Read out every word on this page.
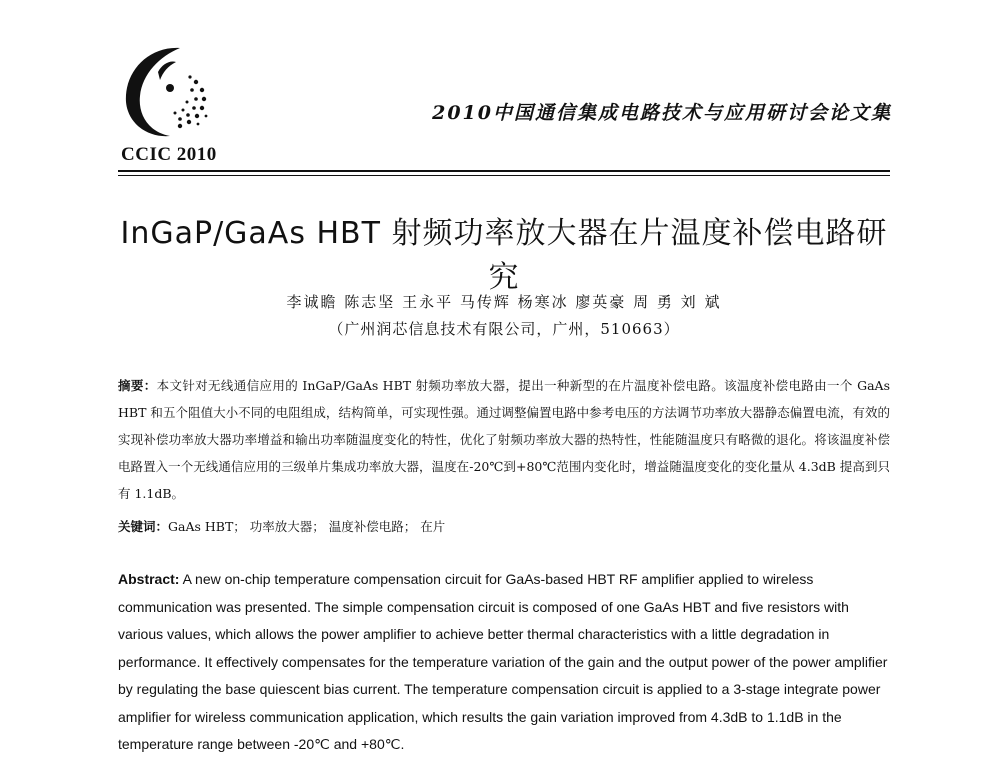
CCIC 2010
2010中国通信集成电路技术与应用研讨会论文集
InGaP/GaAs HBT 射频功率放大器在片温度补偿电路研究
李诚瞻 陈志坚 王永平 马传辉 杨寒冰 廖英豪 周 勇 刘 斌
（广州润芯信息技术有限公司，广州，510663）
摘要：本文针对无线通信应用的 InGaP/GaAs HBT 射频功率放大器，提出一种新型的在片温度补偿电路。该温度补偿电路由一个 GaAs HBT 和五个阻值大小不同的电阻组成，结构简单，可实现性强。通过调整偏置电路中参考电压的方法调节功率放大器静态偏置电流，有效的实现补偿功率放大器功率增益和输出功率随温度变化的特性，优化了射频功率放大器的热特性，性能随温度只有略微的退化。将该温度补偿电路置入一个无线通信应用的三级单片集成功率放大器，温度在-20℃到+80℃范围内变化时，增益随温度变化的变化量从 4.3dB 提高到只有 1.1dB。
关键词：GaAs HBT； 功率放大器； 温度补偿电路； 在片
Abstract: A new on-chip temperature compensation circuit for GaAs-based HBT RF amplifier applied to wireless communication was presented. The simple compensation circuit is composed of one GaAs HBT and five resistors with various values, which allows the power amplifier to achieve better thermal characteristics with a little degradation in performance. It effectively compensates for the temperature variation of the gain and the output power of the power amplifier by regulating the base quiescent bias current. The temperature compensation circuit is applied to a 3-stage integrate power amplifier for wireless communication application, which results the gain variation improved from 4.3dB to 1.1dB in the temperature range between -20℃ and +80℃.
